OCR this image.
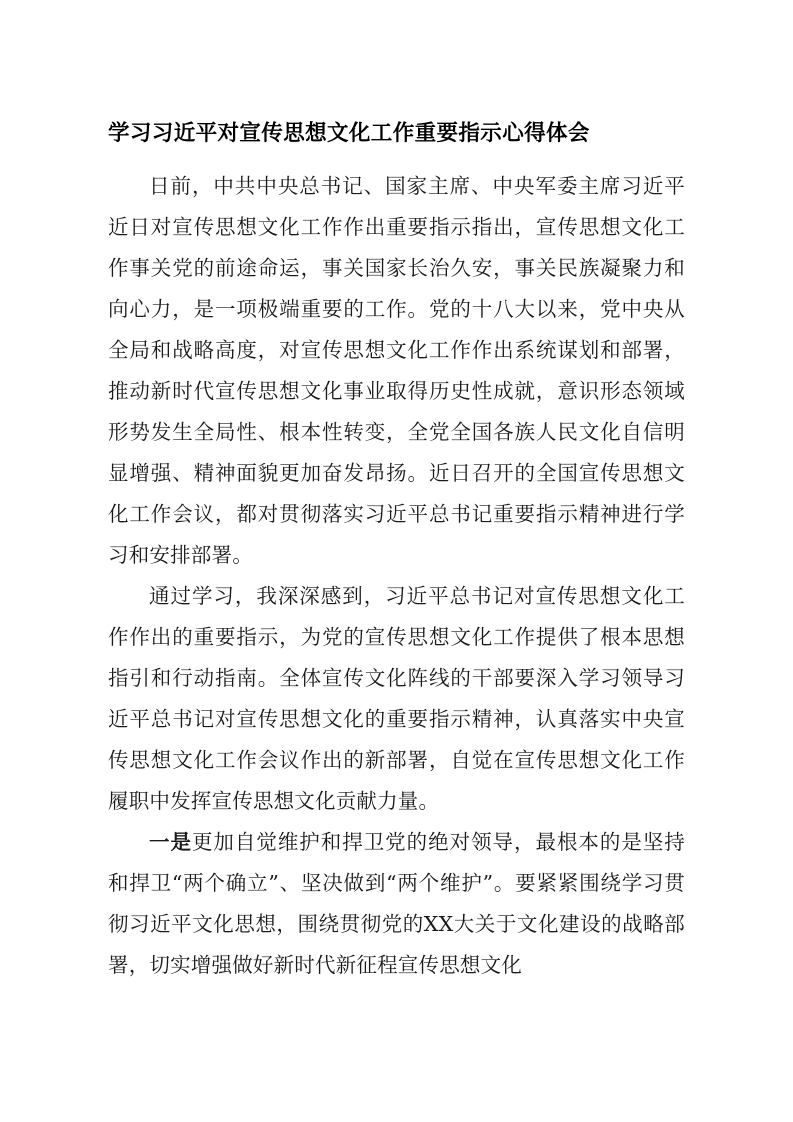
学习习近平对宣传思想文化工作重要指示心得体会

日前，中共中央总书记、国家主席、中央军委主席习近平近日对宣传思想文化工作作出重要指示指出，宣传思想文化工作事关党的前途命运，事关国家长治久安，事关民族凝聚力和向心力，是一项极端重要的工作。党的十八大以来，党中央从全局和战略高度，对宣传思想文化工作作出系统谋划和部署，推动新时代宣传思想文化事业取得历史性成就，意识形态领域形势发生全局性、根本性转变，全党全国各族人民文化自信明显增强、精神面貌更加奋发昂扬。近日召开的全国宣传思想文化工作会议，都对贯彻落实习近平总书记重要指示精神进行学习和安排部署。

通过学习，我深深感到，习近平总书记对宣传思想文化工作作出的重要指示，为党的宣传思想文化工作提供了根本思想指引和行动指南。全体宣传文化阵线的干部要深入学习领导习近平总书记对宣传思想文化的重要指示精神，认真落实中央宣传思想文化工作会议作出的新部署，自觉在宣传思想文化工作履职中发挥宣传思想文化贡献力量。

一是更加自觉维护和捍卫党的绝对领导，最根本的是坚持和捍卫“两个确立”、坚决做到“两个维护”。要紧紧围绕学习贯彻习近平文化思想，围绕贯彻党的XX大关于文化建设的战略部署，切实增强做好新时代新征程宣传思想文化
